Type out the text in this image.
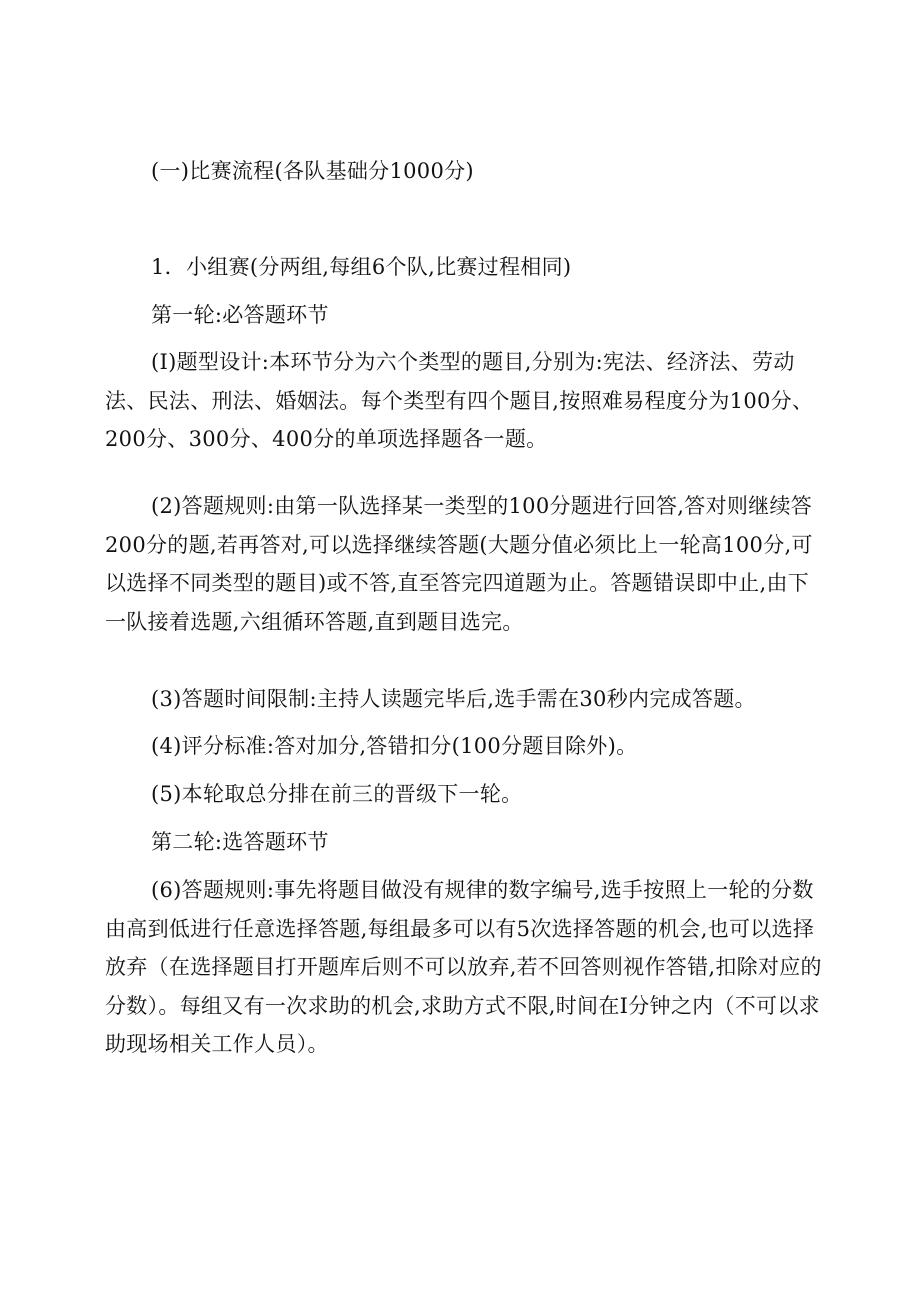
(一)比赛流程(各队基础分1000分)

1．小组赛(分两组,每组6个队,比赛过程相同)

第一轮:必答题环节

(I)题型设计:本环节分为六个类型的题目,分别为:宪法、经济法、劳动法、民法、刑法、婚姻法。每个类型有四个题目,按照难易程度分为100分、200分、300分、400分的单项选择题各一题。

(2)答题规则:由第一队选择某一类型的100分题进行回答,答对则继续答200分的题,若再答对,可以选择继续答题(大题分值必须比上一轮高100分,可以选择不同类型的题目)或不答,直至答完四道题为止。答题错误即中止,由下一队接着选题,六组循环答题,直到题目选完。

(3)答题时间限制:主持人读题完毕后,选手需在30秒内完成答题。

(4)评分标准:答对加分,答错扣分(100分题目除外)。

(5)本轮取总分排在前三的晋级下一轮。

第二轮:选答题环节

(6)答题规则:事先将题目做没有规律的数字编号,选手按照上一轮的分数由高到低进行任意选择答题,每组最多可以有5次选择答题的机会,也可以选择放弃（在选择题目打开题库后则不可以放弃,若不回答则视作答错,扣除对应的分数）。每组又有一次求助的机会,求助方式不限,时间在I分钟之内（不可以求助现场相关工作人员）。
